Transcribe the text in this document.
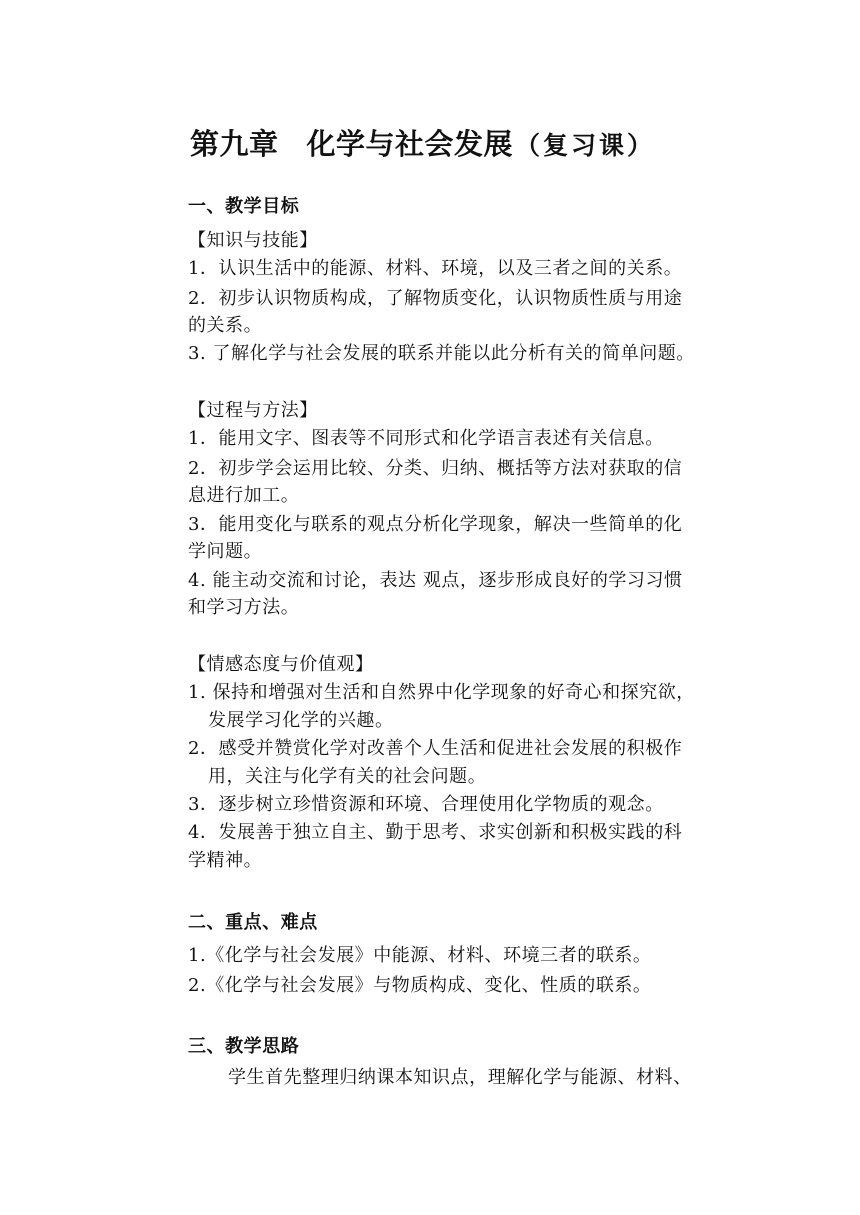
第九章 化学与社会发展（复习课）
一、教学目标
【知识与技能】
1．认识生活中的能源、材料、环境，以及三者之间的关系。
2．初步认识物质构成，了解物质变化，认识物质性质与用途
的关系。
3. 了解化学与社会发展的联系并能以此分析有关的简单问题。
【过程与方法】
1．能用文字、图表等不同形式和化学语言表述有关信息。
2．初步学会运用比较、分类、归纳、概括等方法对获取的信
息进行加工。
3．能用变化与联系的观点分析化学现象，解决一些简单的化
学问题。
4. 能主动交流和讨论，表达 观点，逐步形成良好的学习习惯
和学习方法。
【情感态度与价值观】
1. 保持和增强对生活和自然界中化学现象的好奇心和探究欲，
发展学习化学的兴趣。
2．感受并赞赏化学对改善个人生活和促进社会发展的积极作
用，关注与化学有关的社会问题。
3．逐步树立珍惜资源和环境、合理使用化学物质的观念。
4．发展善于独立自主、勤于思考、求实创新和积极实践的科
学精神。
二、重点、难点
1.《化学与社会发展》中能源、材料、环境三者的联系。
2.《化学与社会发展》与物质构成、变化、性质的联系。
三、教学思路
学生首先整理归纳课本知识点，理解化学与能源、材料、
